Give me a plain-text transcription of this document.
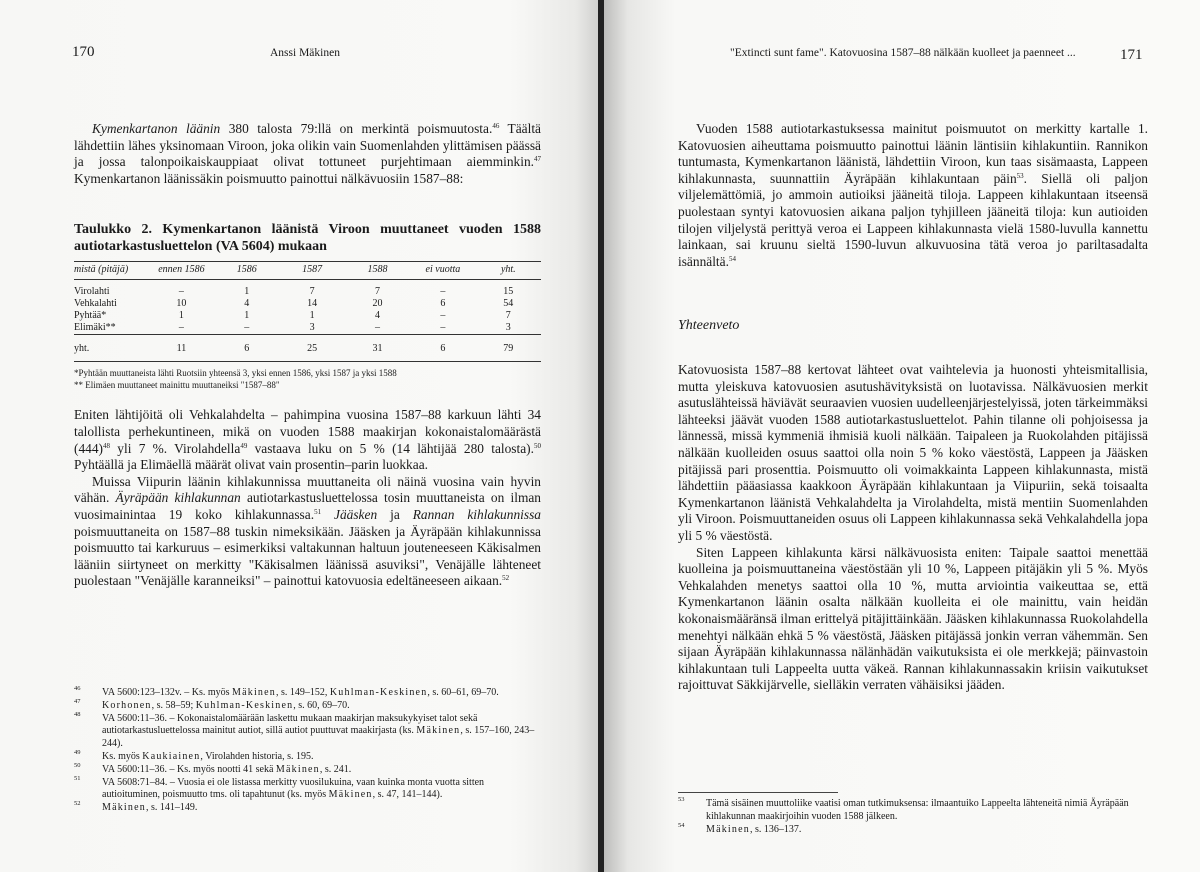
170	Anssi Mäkinen

Kymenkartanon läänin 380 talosta 79:llä on merkintä poismuutosta.$^{46}$ Täältä lähdettiin lähes yksinomaan Viroon, joka olikin vain Suomenlahden ylittämisen päässä ja jossa talonpoikaiskauppiaat olivat tottuneet purjehtimaan aiemminkin.$^{47}$ Kymenkartanon läänissäkin poismuutto painottui nälkävuosiin 1587–88:

Taulukko 2. Kymenkartanon läänistä Viroon muuttaneet vuoden 1588 autiotarkastusluettelon (VA 5604) mukaan

mistä (pitäjä)	ennen 1586	1586	1587	1588	ei vuotta	yht.

Virolahti	–	1	7	7	–	15
Vehkalahti	10	4	14	20	6	54
Pyhtää*	1	1	1	4	–	7
Elimäki**	–	–	3	–	–	3
yht.	11	6	25	31	6	79

*Pyhtään muuttaneista lähti Ruotsiin yhteensä 3, yksi ennen 1586, yksi 1587 ja yksi 1588
** Elimäen muuttaneet mainittu muuttaneiksi "1587–88"

Eniten lähtijöitä oli Vehkalahdelta – pahimpina vuosina 1587–88 karkuun lähti 34 talollista perhekuntineen, mikä on vuoden 1588 maakirjan kokonaistalomäärästä $(444)^{48}$ yli 7 %. Virolahdella$^{49}$ vastaava luku on 5 % (14 lähtijää 280 talosta).$^{50}$ Pyhtäällä ja Elimäellä määrät olivat vain prosentin–parin luokkaa.

Muissa Viipurin läänin kihlakunnissa muuttaneita oli näinä vuosina vain hyvin vähän. Äyräpään kihlakunnan autiotarkastusluettelossa tosin muuttaneista on ilman vuosimainintaa 19 koko kihlakunnassa.$^{51}$ Jääsken ja Rannan kihlakunnissa poismuuttaneita on 1587–88 tuskin nimeksikään. Jääsken ja Äyräpään kihlakunnissa poismuutto tai karkuruus – esimerkiksi valtakunnan haltuun jouteneeseen Käkisalmen lääniin siirtyneet on merkitty "Käkisalmen läänissä asuviksi", Venäjälle lähteneet puolestaan "Venäjälle karanneiksi" – painottui katovuosia edeltäneeseen aikaan.$^{52}$

$^{46}$ VA 5600:123–132v. – Ks. myös Mäkinen, s. 149–152, Kuhlman-Keskinen, s. 60–61, 69–70.

$^{47}$ Korhonen, s. 58–59; Kuhlman-Keskinen, s. 60, 69–70.

$^{48}$ VA 5600:11–36. – Kokonaistalomäärään laskettu mukaan maakirjan maksukykyiset talot sekä autiotarkastusluettelossa mainitut autiot, sillä autiot puuttuvat maakirjasta (ks. Mäkinen, s. 157–160, 243–244).

$^{49}$ Ks. myös Kaukiainen, Virolahden historia, s. 195.

$^{50}$ VA 5600:11–36. – Ks. myös nootti 41 sekä Mäkinen, s. 241.

$^{51}$ VA 5608:71–84. – Vuosia ei ole listassa merkitty vuosilukuina, vaan kuinka monta vuotta sitten autioituminen, poismuutto tms. oli tapahtunut (ks. myös Mäkinen, s. 47, 141–144).

$^{52}$ Mäkinen, s. 141–149.

"Extincti sunt fame". Katovuosina 1587–88 nälkään kuolleet ja paenneet ...	171

Vuoden 1588 autiotarkastuksessa mainitut poismuutot on merkitty kartalle 1. Katovuosien aiheuttama poismuutto painottui läänin läntisiin kihlakuntiin. Rannikon tuntumasta, Kymenkartanon läänistä, lähdettiin Viroon, kun taas sisämaasta, Lappeen kihlakunnasta, suunnattiin Äyräpään kihlakuntaan päin$^{53}$. Siellä oli paljon viljelemättömiä, jo ammoin autioiksi jääneitä tiloja. Lappeen kihlakuntaan itseensä puolestaan syntyi katovuosien aikana paljon tyhjilleen jääneitä tiloja: kun autioiden tilojen viljelystä perittyä veroa ei Lappeen kihlakunnasta vielä 1580-luvulla kannettu lainkaan, sai kruunu sieltä 1590-luvun alkuvuosina tätä veroa jo pariltasadalta isännältä.$^{54}$

Yhteenveto

Katovuosista 1587–88 kertovat lähteet ovat vaihtelevia ja huonosti yhteismitallisia, mutta yleiskuva katovuosien asutushävityksistä on luotavissa. Nälkävuosien merkit asutuslähteissä häviävät seuraavien vuosien uudelleenjärjestelyissä, joten tärkeimmäksi lähteeksi jäävät vuoden 1588 autiotarkastusluettelot. Pahin tilanne oli pohjoisessa ja lännessä, missä kymmeniä ihmisiä kuoli nälkään. Taipaleen ja Ruokolahden pitäjissä nälkään kuolleiden osuus saattoi olla noin 5 % koko väestöstä, Lappeen ja Jääsken pitäjissä pari prosenttia. Poismuutto oli voimakkainta Lappeen kihlakunnasta, mistä lähdettiin pääasiassa kaakkoon Äyräpään kihlakuntaan ja Viipuriin, sekä toisaalta Kymenkartanon läänistä Vehkalahdelta ja Virolahdelta, mistä mentiin Suomenlahden yli Viroon. Poismuuttaneiden osuus oli Lappeen kihlakunnassa sekä Vehkalahdella jopa yli 5 % väestöstä.

Siten Lappeen kihlakunta kärsi nälkävuosista eniten: Taipale saattoi menettää kuolleina ja poismuuttaneina väestöstään yli 10 %, Lappeen pitäjäkin yli 5 %. Myös Vehkalahden menetys saattoi olla 10 %, mutta arviointia vaikeuttaa se, että Kymenkartanon läänin osalta nälkään kuolleita ei ole mainittu, vain heidän kokonaismääränsä ilman erittelyä pitäjittäinkään. Jääsken kihlakunnassa Ruokolahdella menehtyi nälkään ehkä 5 % väestöstä, Jääsken pitäjässä jonkin verran vähemmän. Sen sijaan Äyräpään kihlakunnassa nälänhädän vaikutuksista ei ole merkkejä; päinvastoin kihlakuntaan tuli Lappeelta uutta väkeä. Rannan kihlakunnassakin kriisin vaikutukset rajoittuvat Säkkijärvelle, sielläkin verraten vähäisiksi jääden.

$^{53}$ Tämä sisäinen muuttoliike vaatisi oman tutkimuksensa: ilmaantuiko Lappeelta lähteneitä nimiä Äyräpään kihlakunnan maakirjoihin vuoden 1588 jälkeen.

$^{54}$ Mäkinen, s. 136–137.
